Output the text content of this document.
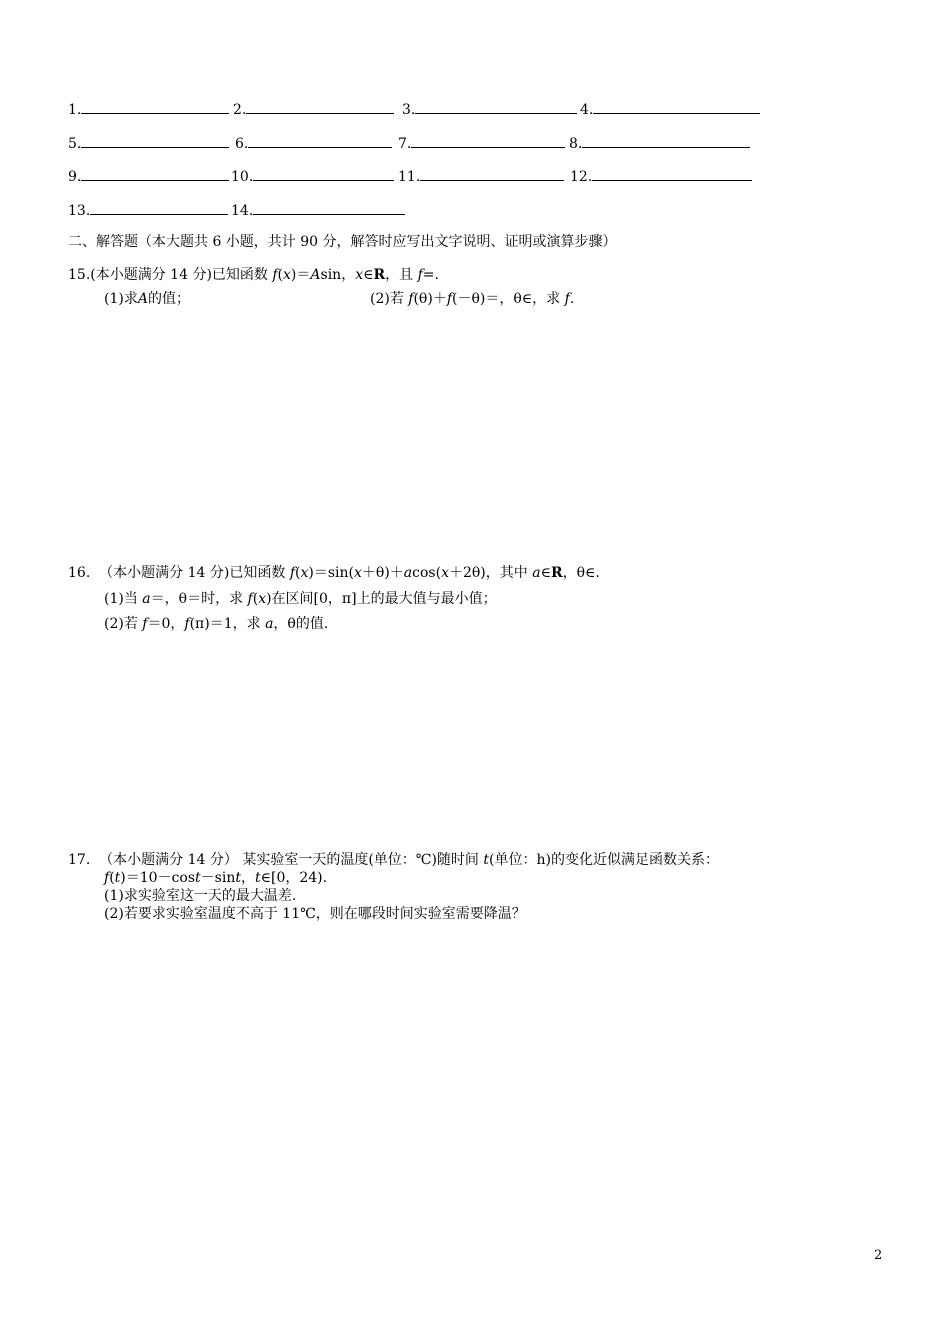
1.	2.	3.	4.
5.	6.	7.	8.
9.	10.	11.	12.
13.	14.
二、解答题（本大题共 6 小题，共计 90 分，解答时应写出文字说明、证明或演算步骤）
15.(本小题满分 14 分)已知函数 f(x)＝Asin，x∈R，且 f=.
(1)求A的值；	(2)若 f(θ)＋f(－θ)＝，θ∈，求 f.
16. （本小题满分 14 分)已知函数 f(x)＝sin(x＋θ)＋acos(x＋2θ)，其中 a∈R，θ∈.
(1)当 a＝，θ＝时，求 f(x)在区间[0，π]上的最大值与最小值；
(2)若 f＝0，f(π)＝1，求 a，θ的值.
17. （本小题满分 14 分） 某实验室一天的温度(单位：℃)随时间 t(单位：h)的变化近似满足函数关系：
f(t)＝10－cost－sint，t∈[0，24).
(1)求实验室这一天的最大温差.
(2)若要求实验室温度不高于 11℃，则在哪段时间实验室需要降温？
2
